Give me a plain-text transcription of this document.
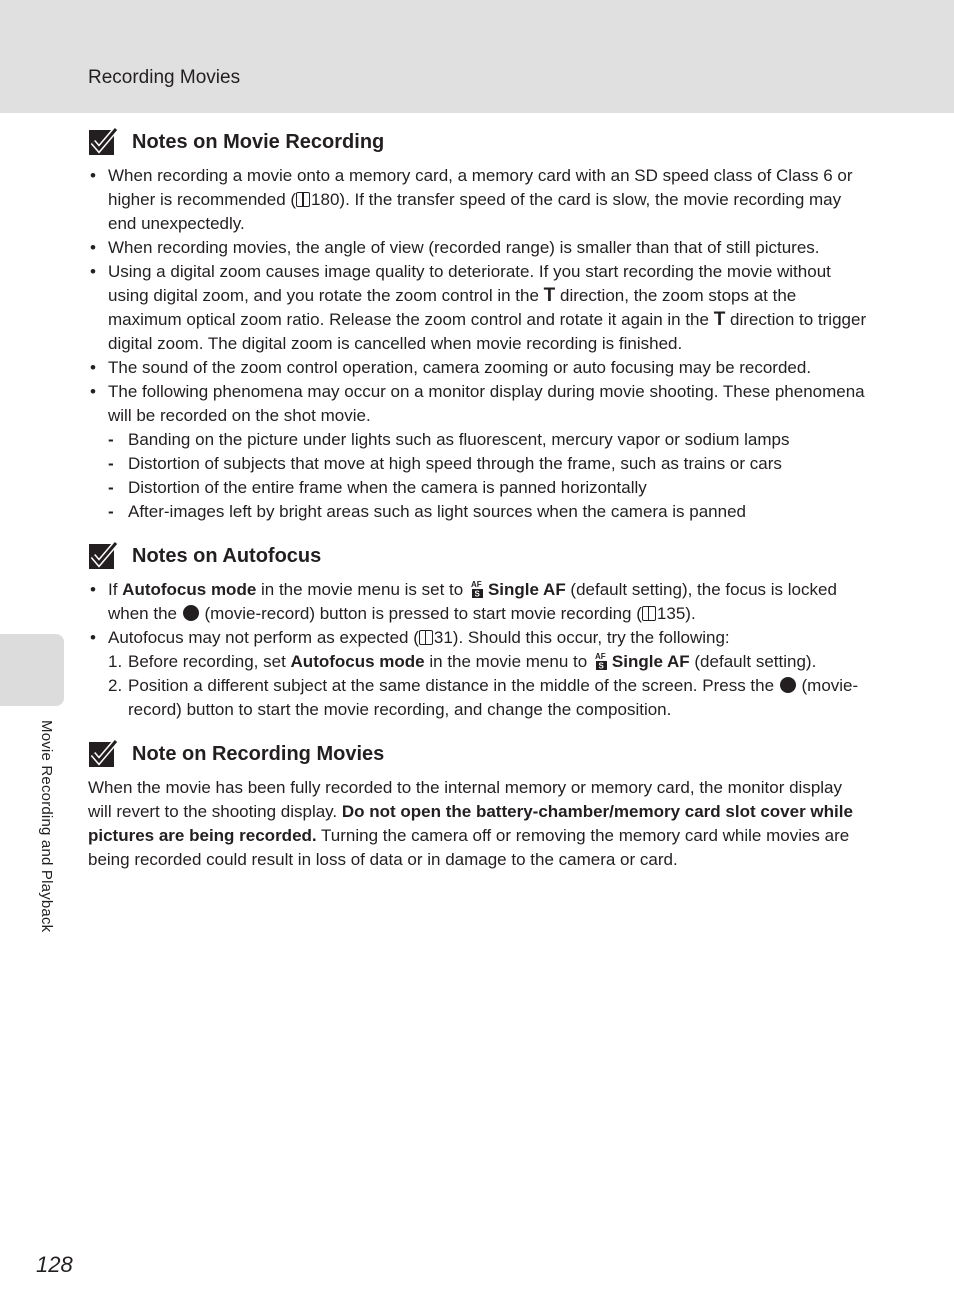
Recording Movies
Movie Recording and Playback
Notes on Movie Recording
• When recording a movie onto a memory card, a memory card with an SD speed class of Class 6 or higher is recommended ( 180). If the transfer speed of the card is slow, the movie recording may end unexpectedly.
• When recording movies, the angle of view (recorded range) is smaller than that of still pictures.
• Using a digital zoom causes image quality to deteriorate. If you start recording the movie without using digital zoom, and you rotate the zoom control in the T direction, the zoom stops at the maximum optical zoom ratio. Release the zoom control and rotate it again in the T direction to trigger digital zoom. The digital zoom is cancelled when movie recording is finished.
• The sound of the zoom control operation, camera zooming or auto focusing may be recorded.
• The following phenomena may occur on a monitor display during movie shooting. These phenomena will be recorded on the shot movie.
- Banding on the picture under lights such as fluorescent, mercury vapor or sodium lamps
- Distortion of subjects that move at high speed through the frame, such as trains or cars
- Distortion of the entire frame when the camera is panned horizontally
- After-images left by bright areas such as light sources when the camera is panned
Notes on Autofocus
• If Autofocus mode in the movie menu is set to AF
S Single AF (default setting), the focus is locked when the  (movie-record) button is pressed to start movie recording ( 135).
• Autofocus may not perform as expected ( 31). Should this occur, try the following:
1. Before recording, set Autofocus mode in the movie menu to AF
S Single AF (default setting).
2. Position a different subject at the same distance in the middle of the screen. Press the  (movie-record) button to start the movie recording, and change the composition.
Note on Recording Movies
When the movie has been fully recorded to the internal memory or memory card, the monitor display will revert to the shooting display. Do not open the battery-chamber/memory card slot cover while pictures are being recorded. Turning the camera off or removing the memory card while movies are being recorded could result in loss of data or in damage to the camera or card.
128
